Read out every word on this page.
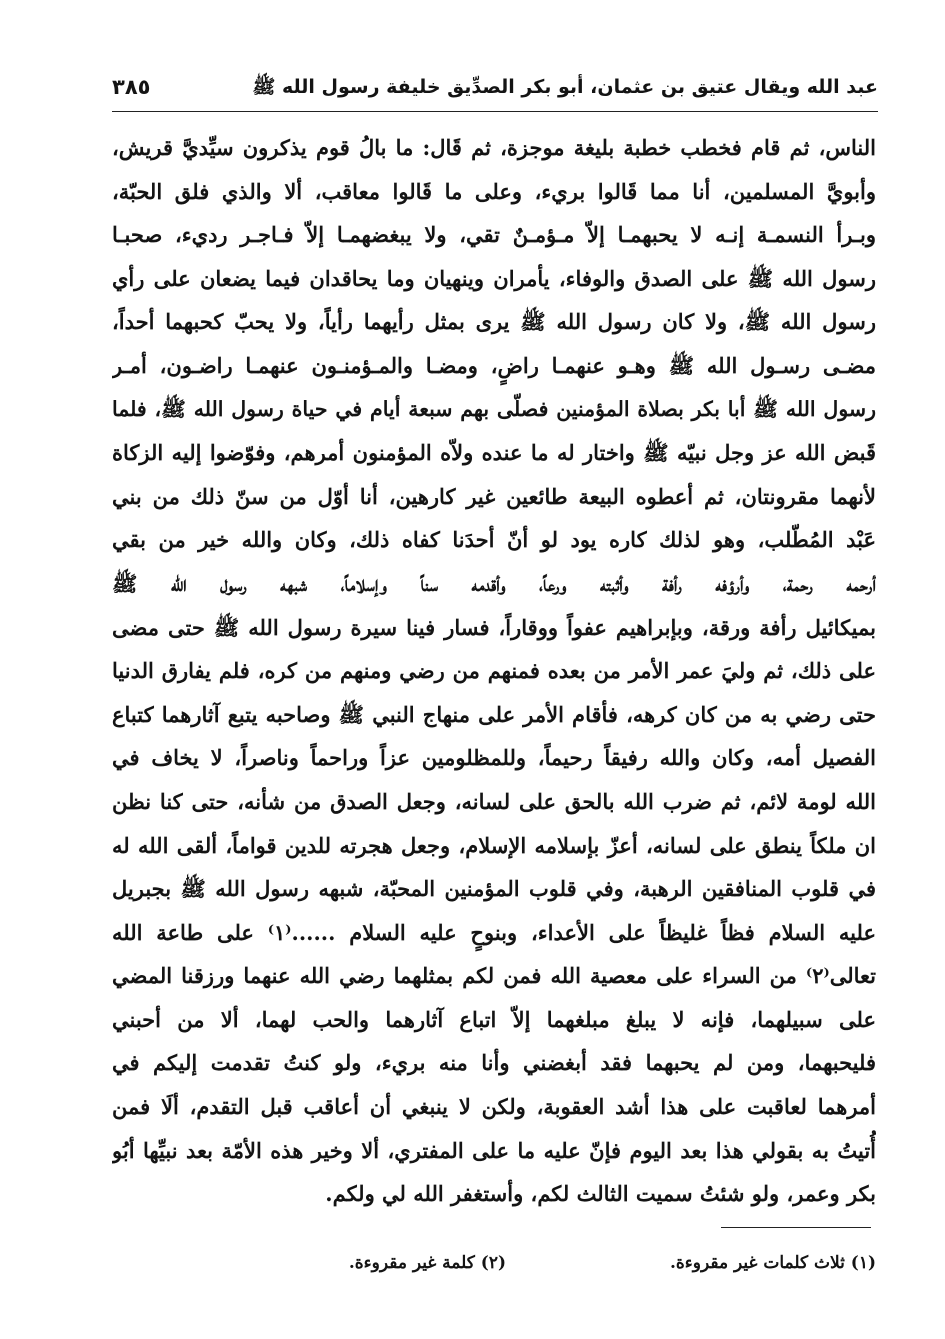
عبد الله ويقال عتيق بن عثمان، أبو بكر الصدِّيق خليفة رسول الله ﷺ
٣٨٥
الناس، ثم قام فخطب خطبة بليغة موجزة، ثم قَال: ما بالُ قوم يذكرون سيِّديَّ قريش،
وأبويَّ المسلمين، أنا مما قَالوا بريء، وعلى ما قَالوا معاقب، ألا والذي فلق الحبّة،
وبـرأ النسمـة إنـه لا يحبهمـا إلاّ مـؤمـنٌ تقي، ولا يبغضهمـا إلاّ فـاجـر رديء، صحبـا
رسول الله ﷺ على الصدق والوفاء، يأمران وينهيان وما يحاقدان فيما يضعان على رأي
رسول الله ﷺ، ولا كان رسول الله ﷺ يرى بمثل رأيهما رأياً، ولا يحبّ كحبهما أحداً،
مضـى رسـول الله ﷺ وهـو عنهمـا راضٍ، ومضـا والمـؤمنـون عنهمـا راضـون، أمـر
رسول الله ﷺ أبا بكر بصلاة المؤمنين فصلّى بهم سبعة أيام في حياة رسول الله ﷺ، فلما
قَبض الله عز وجل نبيّه ﷺ واختار له ما عنده ولاّه المؤمنون أمرهم، وفوّضوا إليه الزكاة
لأنهما مقرونتان، ثم أعطوه البيعة طائعين غير كارهين، أنا أوّل من سنّ ذلك من بني
عَبْد المُطّلب، وهو لذلك كاره يود لو أنّ أحدَنا كفاه ذلك، وكان والله خير من بقي
أرحمه رحمة، وأرؤفه رأفة وأثبته ورعاً، وأقدمه سناً وإسلاماً، شبهه رسول الله ﷺ
بميكائيل رأفة ورقة، وبإبراهيم عفواً ووقاراً، فسار فينا سيرة رسول الله ﷺ حتى مضى
على ذلك، ثم وليَ عمر الأمر من بعده فمنهم من رضي ومنهم من كره، فلم يفارق الدنيا
حتى رضي به من كان كرهه، فأقام الأمر على منهاج النبي ﷺ وصاحبه يتبع آثارهما كتباع
الفصيل أمه، وكان والله رفيقاً رحيماً، وللمظلومين عزاً وراحماً وناصراً، لا يخاف في
الله لومة لائم، ثم ضرب الله بالحق على لسانه، وجعل الصدق من شأنه، حتى كنا نظن
ان ملكاً ينطق على لسانه، أعزّ بإسلامه الإسلام، وجعل هجرته للدين قواماً، ألقى الله له
في قلوب المنافقين الرهبة، وفي قلوب المؤمنين المحبّة، شبهه رسول الله ﷺ بجبريل
عليه السلام فظاً غليظاً على الأعداء، وبنوحٍ عليه السلام ......⁽١⁾ على طاعة الله
تعالى⁽٢⁾ من السراء على معصية الله فمن لكم بمثلهما رضي الله عنهما ورزقنا المضي
على سبيلهما، فإنه لا يبلغ مبلغهما إلاّ اتباع آثارهما والحب لهما، ألا من أحبني
فليحبهما، ومن لم يحبهما فقد أبغضني وأنا منه بريء، ولو كنتُ تقدمت إليكم في
أمرهما لعاقبت على هذا أشد العقوبة، ولكن لا ينبغي أن أعاقب قبل التقدم، ألَا فمن
أُتيتُ به بقولي هذا بعد اليوم فإنّ عليه ما على المفتري، ألا وخير هذه الأمّة بعد نبيِّها أبُو
بكر وعمر، ولو شئتُ سميت الثالث لكم، وأستغفر الله لي ولكم.
(١) ثلاث كلمات غير مقروءة.
(٢) كلمة غير مقروءة.
